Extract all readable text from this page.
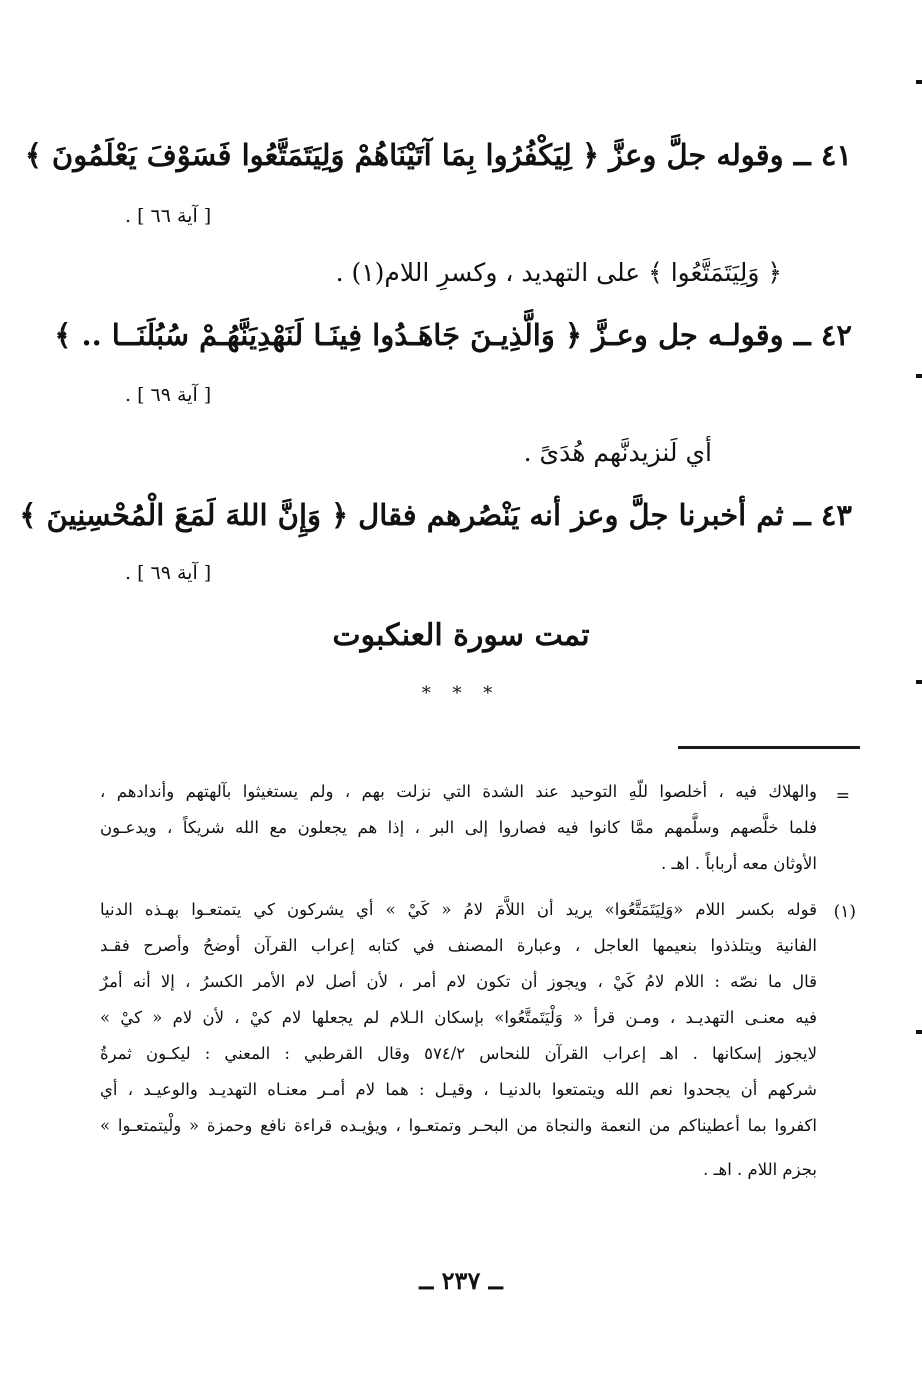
٤١ ــ وقوله جلَّ وعزَّ ﴿ لِيَكْفُرُوا بِمَا آتَيْنَاهُمْ وَلِيَتَمَتَّعُوا فَسَوْفَ يَعْلَمُونَ ﴾
[ آية ٦٦ ] .
﴿ وَلِيَتَمَتَّعُوا ﴾ على التهديد ، وكسرِ اللام(١) .
٤٢ ــ وقولـه جل وعـزَّ ﴿ وَالَّذِيـنَ جَاهَـدُوا فِينَـا لَنَهْدِيَنَّهُـمْ سُبُلَنَــا .. ﴾
[ آية ٦٩ ] .
أي لَنزيدنَّهم هُدَىً .
٤٣ ــ ثم أخبرنا جلَّ وعز أنه يَنْصُرهم فقال ﴿ وَإِنَّ اللهَ لَمَعَ الْمُحْسِنِينَ ﴾
[ آية ٦٩ ] .
تمت سورة العنكبوت
* * *
=
والهلاك فيه ، أخلصوا للّهِ التوحيد عند الشدة التي نزلت بهم ، ولم يستغيثوا بآلهتهم وأندادهم ،
فلما خلَّصهم وسلَّمهم ممَّا كانوا فيه فصاروا إلى البر ، إذا هم يجعلون مع الله شريكاً ، ويدعـون
الأوثان معه أرباباً . اهـ .
(١)
قوله بكسر اللام «وَلِيَتَمَتَّعُوا» يريد أن اللاَّمَ لامُ « كَيْ » أي يشركون كي يتمتعـوا بهـذه الدنيا
الفانية ويتلذذوا بنعيمها العاجل ، وعبارة المصنف في كتابه إعراب القرآن أوضحُ وأصرح فقـد
قال ما نصّه : اللام لامُ كَيْ ، ويجوز أن تكون لام أمر ، لأن أصل لام الأمر الكسرُ ، إلا أنه أمرٌ
فيه معنـى التهديـد ، ومـن قرأ « وَلْيَتَمتَّعُوا» بإسكان الـلام لم يجعلها لام كيْ ، لأن لام « كيْ »
لايجوز إسكانها . اهـ إعراب القرآن للنحاس ٥٧٤/٢ وقال القرطبي : المعني : ليكـون ثمرةُ
شركهم أن يجحدوا نعم الله ويتمتعوا بالدنيـا ، وقيـل : هما لام أمـر معنـاه التهديـد والوعيـد ، أي
اكفروا بما أعطيناكم من النعمة والنجاة من البحـر وتمتعـوا ، ويؤيـده قراءة نافع وحمزة « ولْيتمتعـوا »
بجزم اللام . اهـ .
ــ ٢٣٧ ــ
